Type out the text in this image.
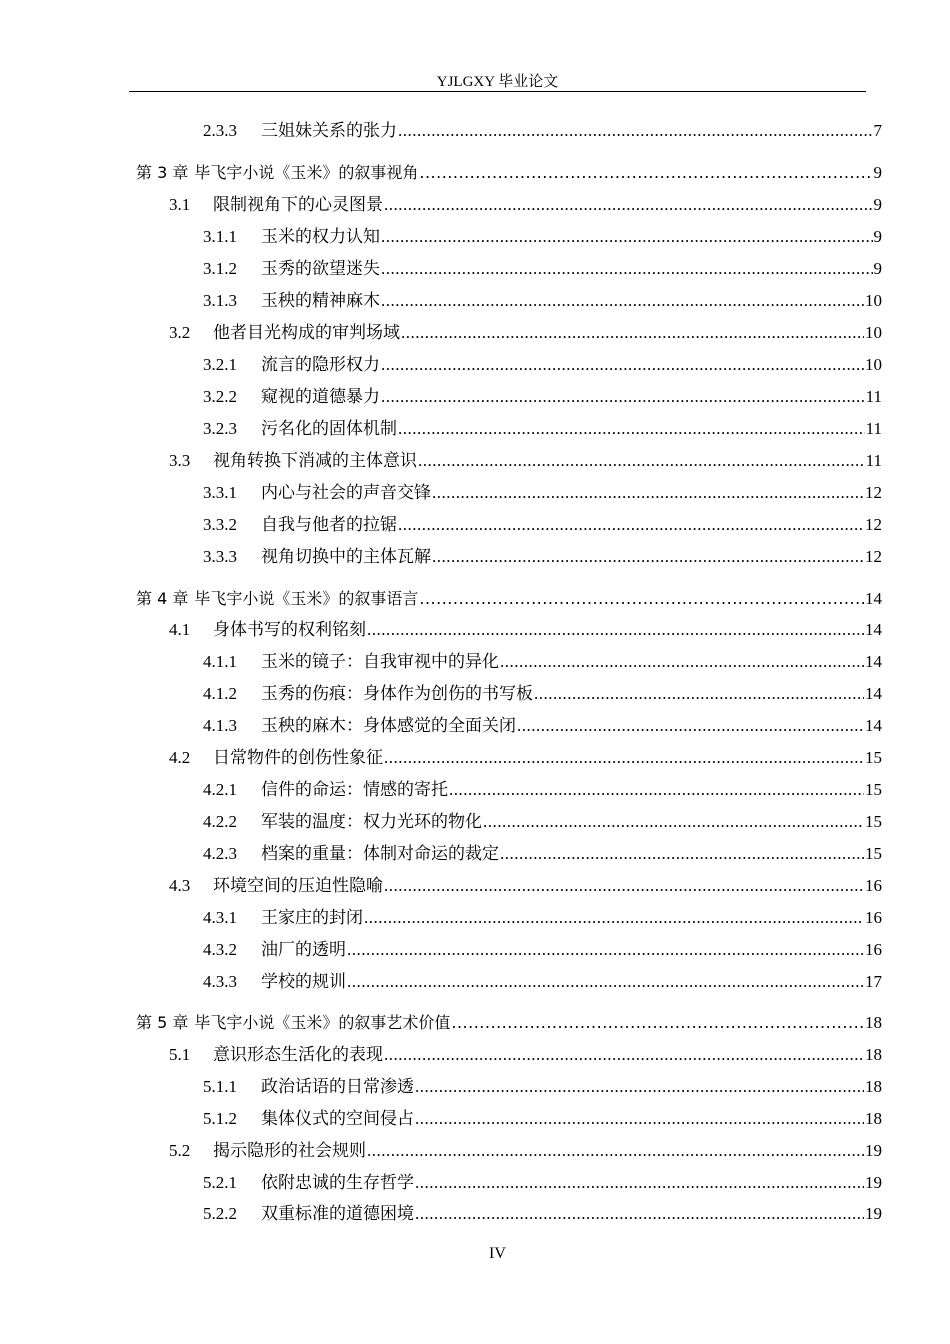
YJLGXY 毕业论文
2.3.3	三姐妹关系的张力 .....	7
第 3 章 毕飞宇小说《玉米》的叙事视角 .....	9
3.1	限制视角下的心灵图景 .....	9
3.1.1	玉米的权力认知 .....	9
3.1.2	玉秀的欲望迷失 .....	9
3.1.3	玉秧的精神麻木 .....	10
3.2	他者目光构成的审判场域 .....	10
3.2.1	流言的隐形权力 .....	10
3.2.2	窥视的道德暴力 .....	11
3.2.3	污名化的固体机制 .....	11
3.3	视角转换下消减的主体意识 .....	11
3.3.1	内心与社会的声音交锋 .....	12
3.3.2	自我与他者的拉锯 .....	12
3.3.3	视角切换中的主体瓦解 .....	12
第 4 章 毕飞宇小说《玉米》的叙事语言 .....	14
4.1	身体书写的权利铭刻 .....	14
4.1.1	玉米的镜子：自我审视中的异化 .....	14
4.1.2	玉秀的伤痕：身体作为创伤的书写板 .....	14
4.1.3	玉秧的麻木：身体感觉的全面关闭 .....	14
4.2	日常物件的创伤性象征 .....	15
4.2.1	信件的命运：情感的寄托 .....	15
4.2.2	军装的温度：权力光环的物化 .....	15
4.2.3	档案的重量：体制对命运的裁定 .....	15
4.3	环境空间的压迫性隐喻 .....	16
4.3.1	王家庄的封闭 .....	16
4.3.2	油厂的透明 .....	16
4.3.3	学校的规训 .....	17
第 5 章 毕飞宇小说《玉米》的叙事艺术价值 .....	18
5.1	意识形态生活化的表现 .....	18
5.1.1	政治话语的日常渗透 .....	18
5.1.2	集体仪式的空间侵占 .....	18
5.2	揭示隐形的社会规则 .....	19
5.2.1	依附忠诚的生存哲学 .....	19
5.2.2	双重标准的道德困境 .....	19
IV
